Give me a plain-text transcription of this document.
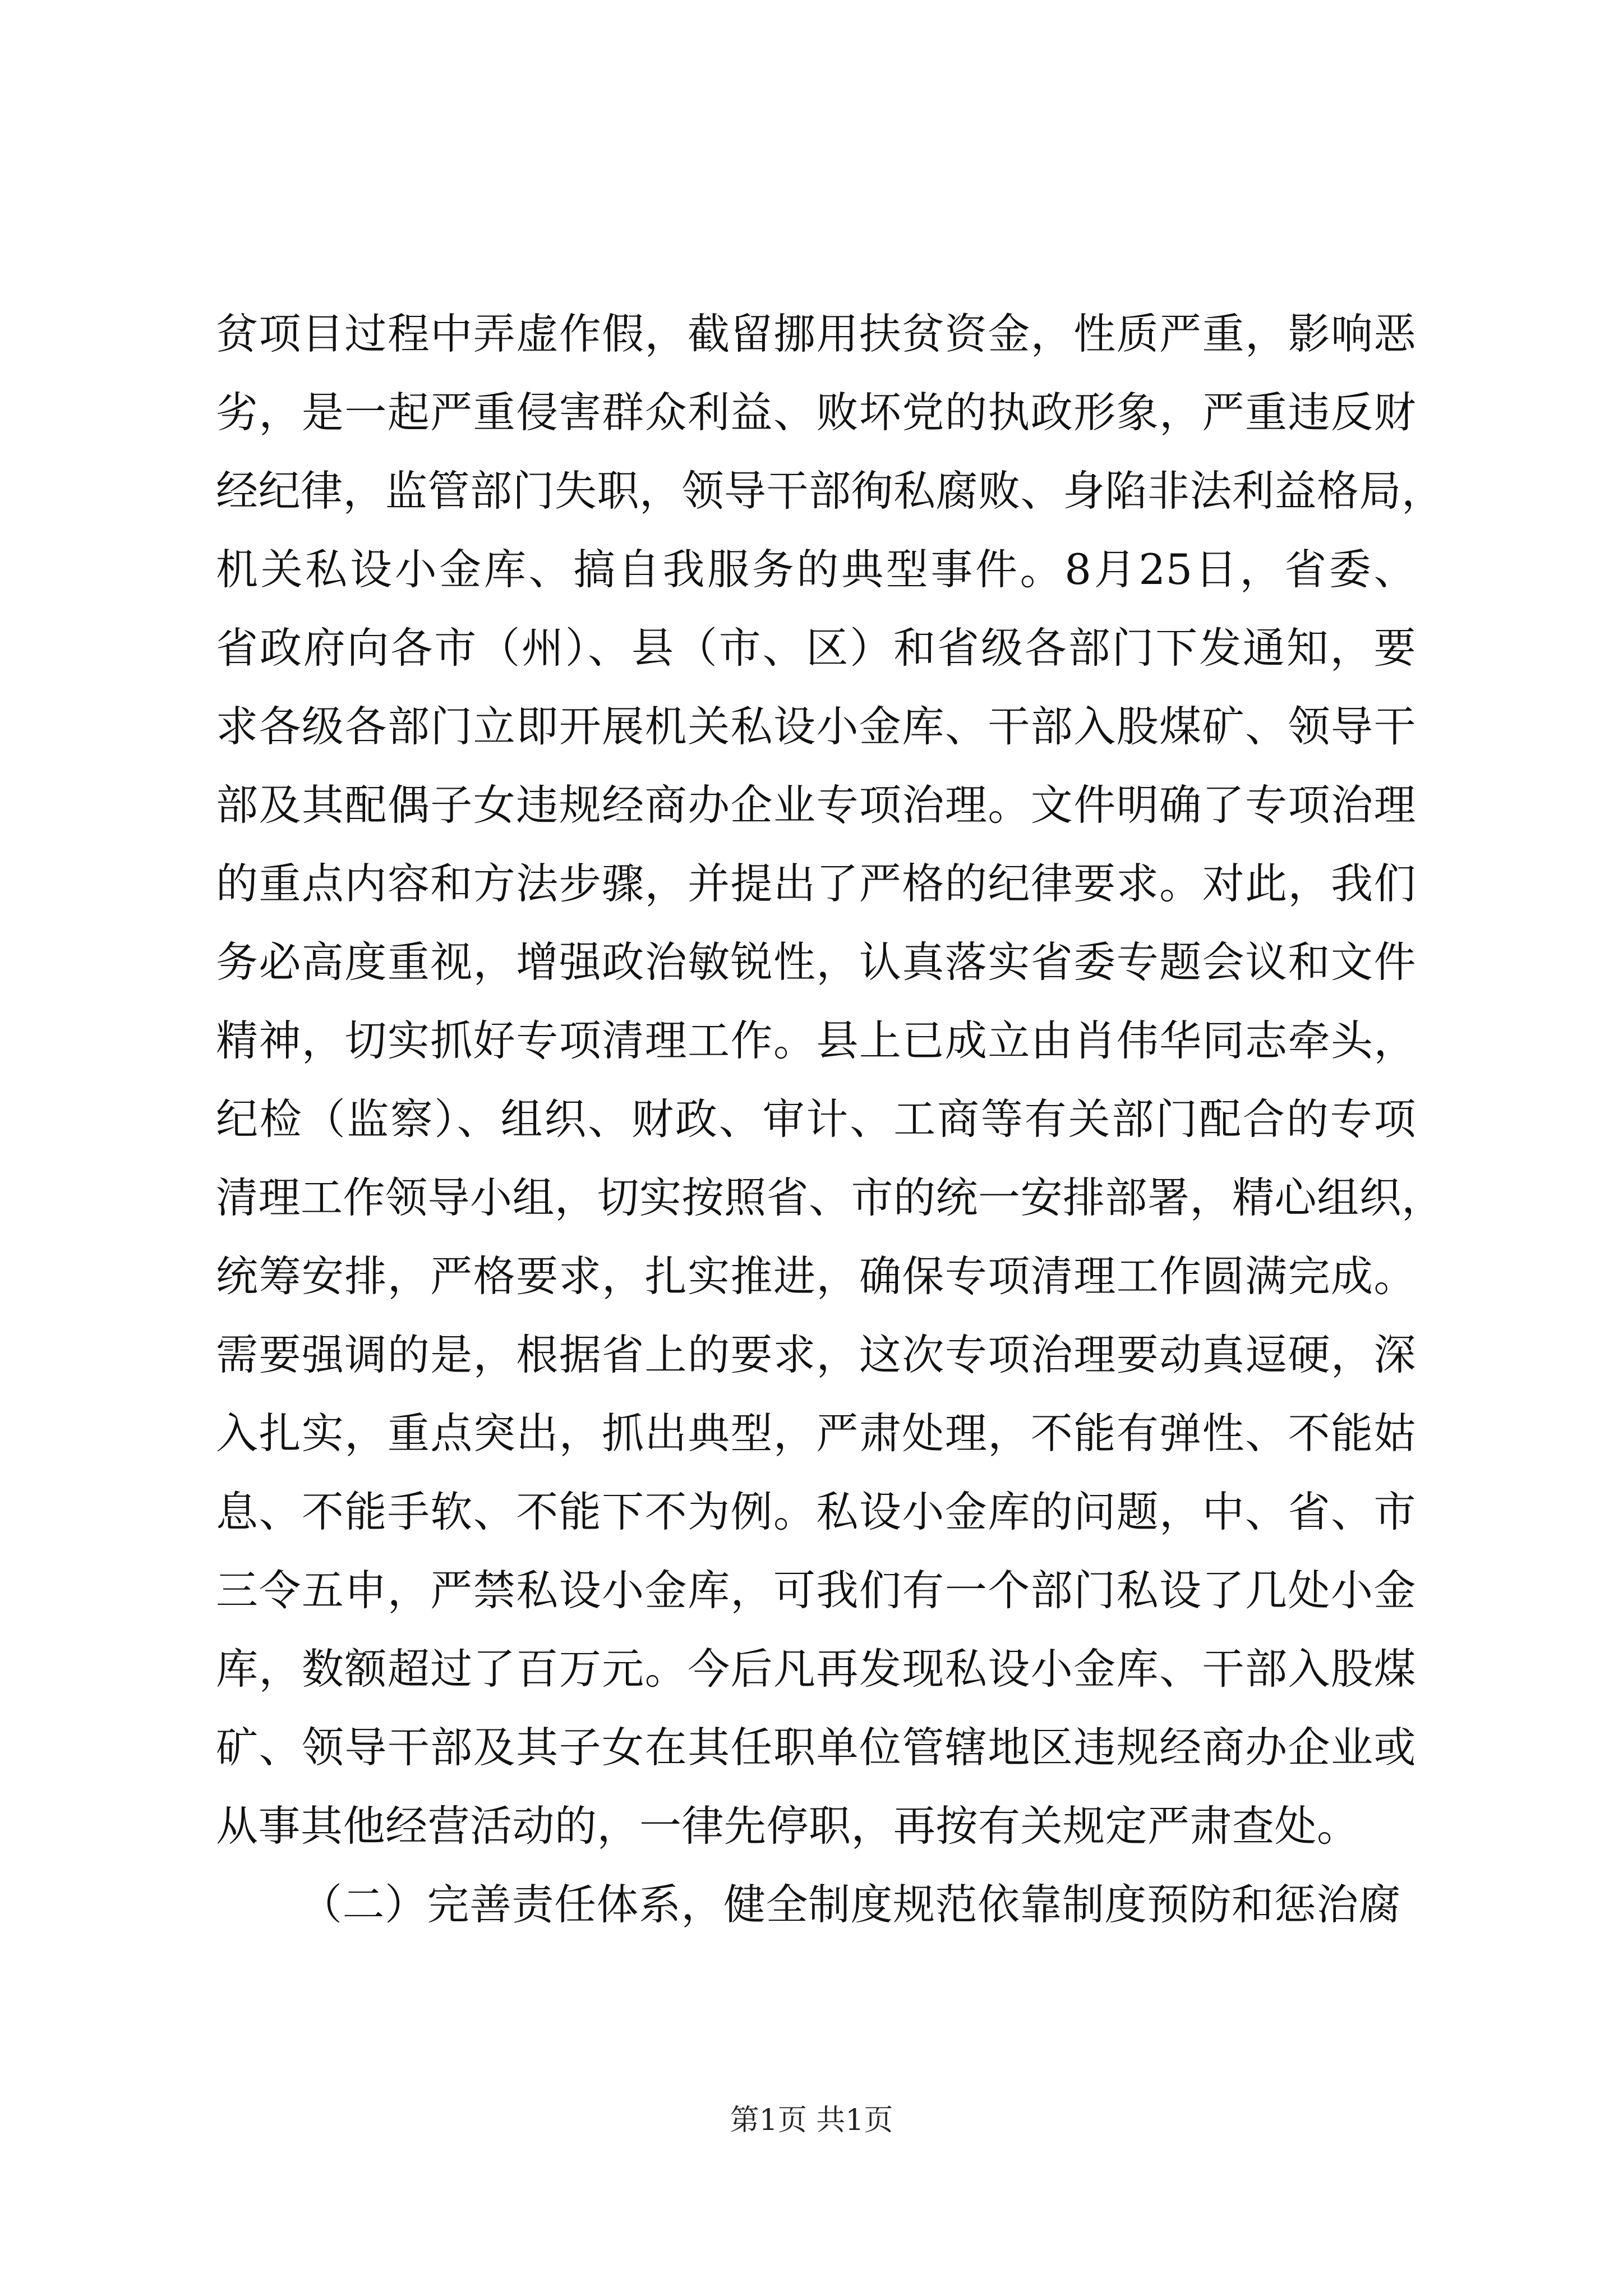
贫项目过程中弄虚作假，截留挪用扶贫资金，性质严重，影响恶
劣，是一起严重侵害群众利益、败坏党的执政形象，严重违反财
经纪律，监管部门失职，领导干部徇私腐败、身陷非法利益格局，
机关私设小金库、搞自我服务的典型事件。8月25日，省委、
省政府向各市（州）、县（市、区）和省级各部门下发通知，要
求各级各部门立即开展机关私设小金库、干部入股煤矿、领导干
部及其配偶子女违规经商办企业专项治理。文件明确了专项治理
的重点内容和方法步骤，并提出了严格的纪律要求。对此，我们
务必高度重视，增强政治敏锐性，认真落实省委专题会议和文件
精神，切实抓好专项清理工作。县上已成立由肖伟华同志牵头，
纪检（监察）、组织、财政、审计、工商等有关部门配合的专项
清理工作领导小组，切实按照省、市的统一安排部署，精心组织，
统筹安排，严格要求，扎实推进，确保专项清理工作圆满完成。
需要强调的是，根据省上的要求，这次专项治理要动真逗硬，深
入扎实，重点突出，抓出典型，严肃处理，不能有弹性、不能姑
息、不能手软、不能下不为例。私设小金库的问题，中、省、市
三令五申，严禁私设小金库，可我们有一个部门私设了几处小金
库，数额超过了百万元。今后凡再发现私设小金库、干部入股煤
矿、领导干部及其子女在其任职单位管辖地区违规经商办企业或
从事其他经营活动的，一律先停职，再按有关规定严肃查处。
（二）完善责任体系，健全制度规范依靠制度预防和惩治腐
第1页 共1页
